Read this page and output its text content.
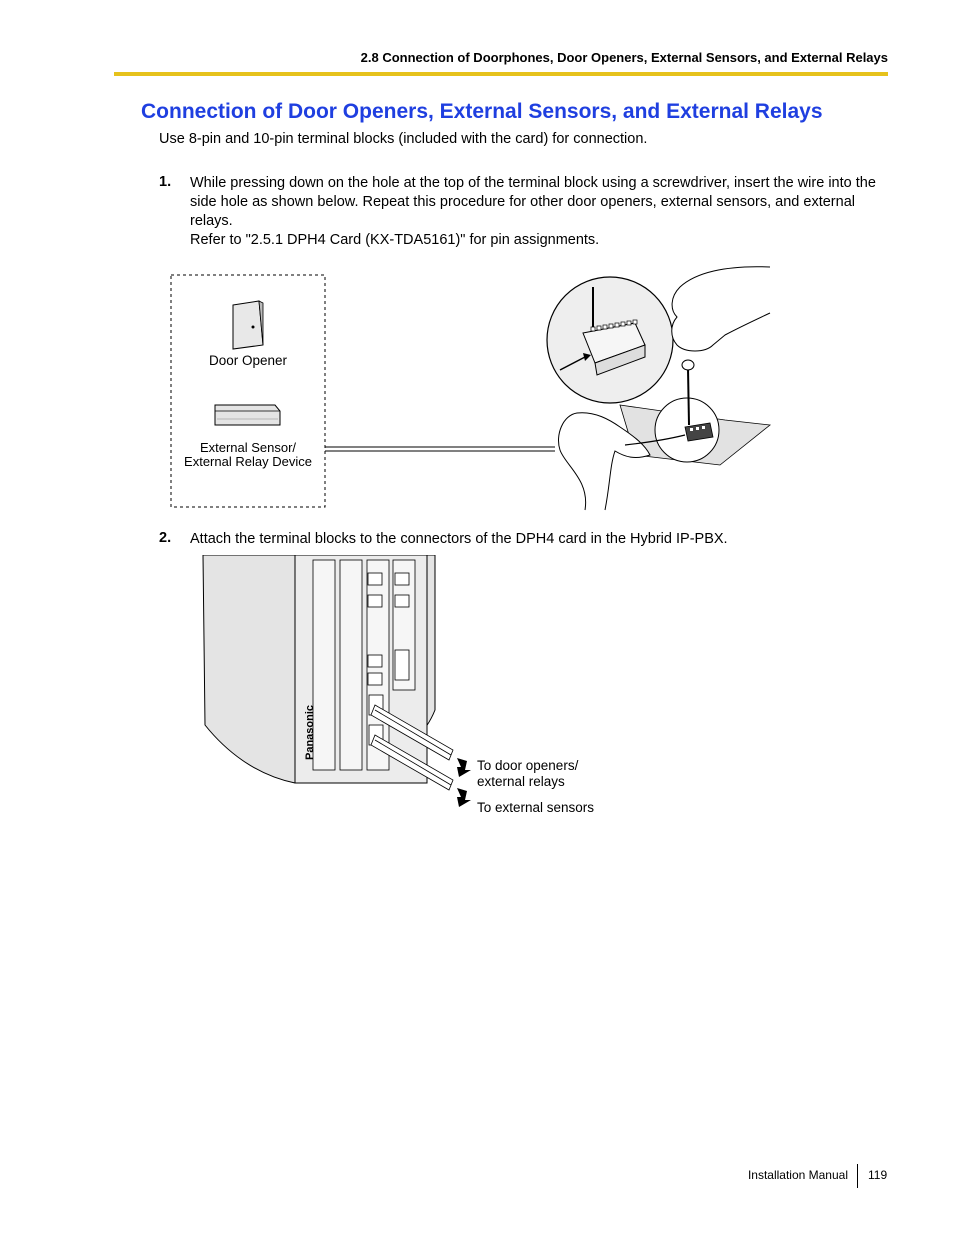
2.8 Connection of Doorphones, Door Openers, External Sensors, and External Relays
Connection of Door Openers, External Sensors, and External Relays
Use 8-pin and 10-pin terminal blocks (included with the card) for connection.
1. While pressing down on the hole at the top of the terminal block using a screwdriver, insert the wire into the side hole as shown below. Repeat this procedure for other door openers, external sensors, and external relays.
Refer to "2.5.1 DPH4 Card (KX-TDA5161)" for pin assignments.
Door Opener
External Sensor/
External Relay Device
2. Attach the terminal blocks to the connectors of the DPH4 card in the Hybrid IP-PBX.
Panasonic
To door openers/
external relays
To external sensors
Installation Manual 119
